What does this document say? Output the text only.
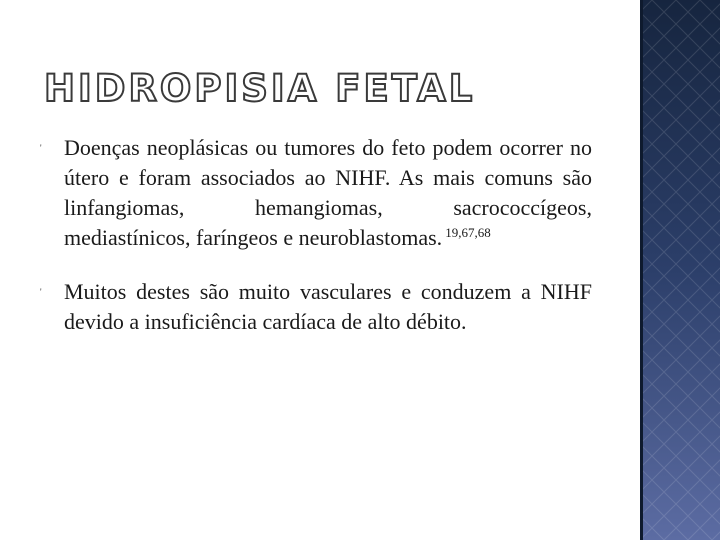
HIDROPISIA FETAL
'	Doenças neoplásicas ou tumores do feto podem ocorrer no útero e foram associados ao NIHF. As mais comuns são linfangiomas, hemangiomas, sacrococcígeos, mediastínicos, faríngeos e neuroblastomas. $^{19,67,68}$
'	Muitos destes são muito vasculares e conduzem a NIHF devido a insuficiência cardíaca de alto débito.
